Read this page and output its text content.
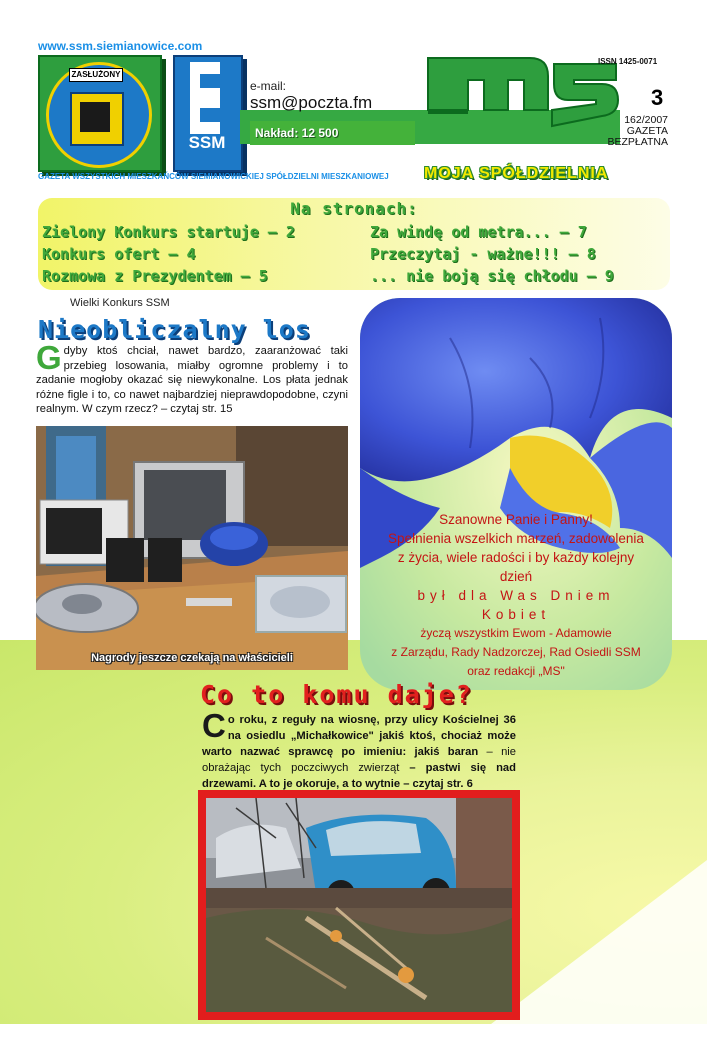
www.ssm.siemianowice.com
ZASŁUŻONY
SSM
e-mail:
ssm@poczta.fm
Nakład: 12 500
ISSN 1425-0071
3
162/2007
GAZETA
BEZPŁATNA
GAZETA WSZYSTKICH MIESZKAŃCÓW SIEMIANOWICKIEJ SPÓŁDZIELNI MIESZKANIOWEJ MOJA SPÓŁDZIELNIA
Na stronach:
Zielony Konkurs startuje – 2
Konkurs ofert – 4
Rozmowa z Prezydentem – 5
Za windę od metra... – 7
Przeczytaj - ważne!!! – 8
... nie boją się chłodu – 9
Wielki Konkurs SSM
Nieobliczalny los
Gdyby ktoś chciał, nawet bardzo, zaaranżować taki przebieg losowania, miałby ogromne problemy i to zadanie mogłoby okazać się niewykonalne. Los płata jednak różne figle i to, co nawet najbardziej nieprawdopodobne, czyni realnym. W czym rzecz? – czytaj str. 15
Nagrody jeszcze czekają na właścicieli
Szanowne Panie i Panny!
Spełnienia wszelkich marzeń, zadowolenia
z życia, wiele radości i by każdy kolejny dzień
był dla Was Dniem Kobiet
życzą wszystkim Ewom - Adamowie
z Zarządu, Rady Nadzorczej, Rad Osiedli SSM
oraz redakcji „MS"
Co to komu daje?
Co roku, z reguły na wiosnę, przy ulicy Kościelnej 36 na osiedlu „Michałkowice" jakiś ktoś, chociaż może warto nazwać sprawcę po imieniu: jakiś baran – nie obrażając tych poczciwych zwierząt – pastwi się nad drzewami. A to je okoruje, a to wytnie – czytaj str. 6
